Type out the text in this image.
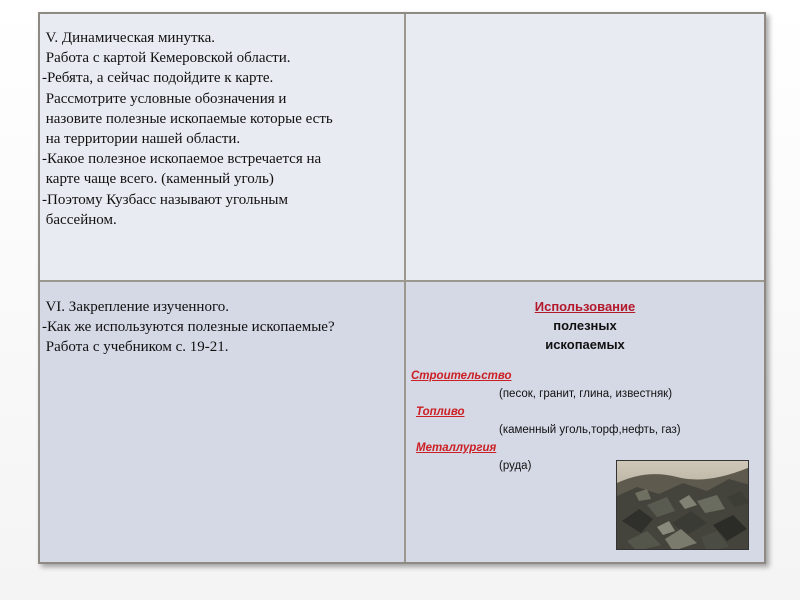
V. Динамическая минутка.
Работа с картой Кемеровской области.
-Ребята, а сейчас подойдите к карте.
Рассмотрите условные обозначения и
назовите полезные ископаемые которые есть
на территории нашей области.
-Какое полезное ископаемое встречается на
карте чаще всего. (каменный уголь)
-Поэтому Кузбасс называют угольным
бассейном.
VI. Закрепление изученного.
-Как же используются полезные ископаемые?
Работа с учебником с. 19-21.
Использование
полезных
ископаемых
Строительство
(песок, гранит, глина, известняк)
Топливо
(каменный уголь,торф,нефть, газ)
Металлургия
(руда)
